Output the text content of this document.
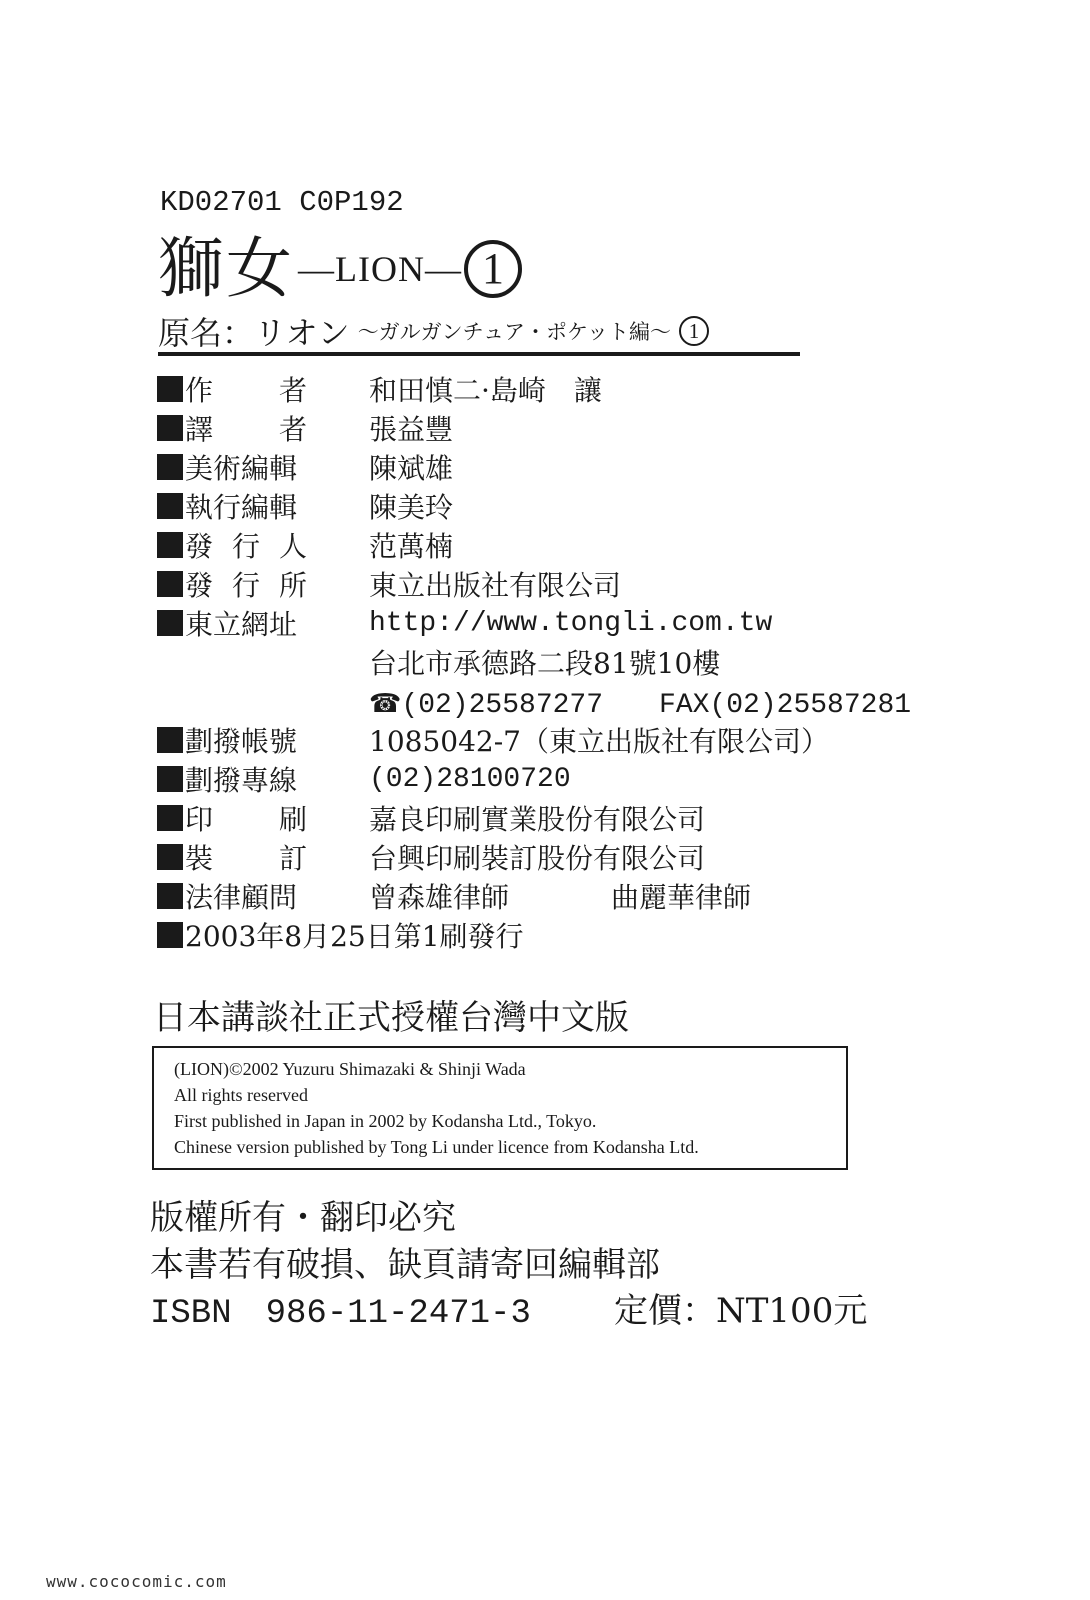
KD02701 C0P192
獅女 —LION— 1
原名：リオン ～ガルガンチュア・ポケット編～ 1
作 者 和田慎二·島崎　讓
譯 者 張益豐
美術編輯	陳斌雄
執行編輯	陳美玲
發 行 人 范萬楠
發 行 所 東立出版社有限公司
東立網址	http://www.tongli.com.tw
台北市承德路二段81號10樓
☎(02)25587277　　FAX(02)25587281
劃撥帳號	1085042-7（東立出版社有限公司）
劃撥專線	(02)28100720
印 刷 嘉良印刷實業股份有限公司
裝 訂 台興印刷裝訂股份有限公司
法律顧問	曾森雄律師	曲麗華律師
2003年8月25日第1刷發行
日本講談社正式授權台灣中文版
(LION)©2002 Yuzuru Shimazaki & Shinji Wada
All rights reserved
First published in Japan in 2002 by Kodansha Ltd., Tokyo.
Chinese version published by Tong Li under licence from Kodansha Ltd.
版權所有・翻印必究
本書若有破損、缺頁請寄回編輯部
ISBN　986-11-2471-3 定價：NT100元
www.cococomic.com
